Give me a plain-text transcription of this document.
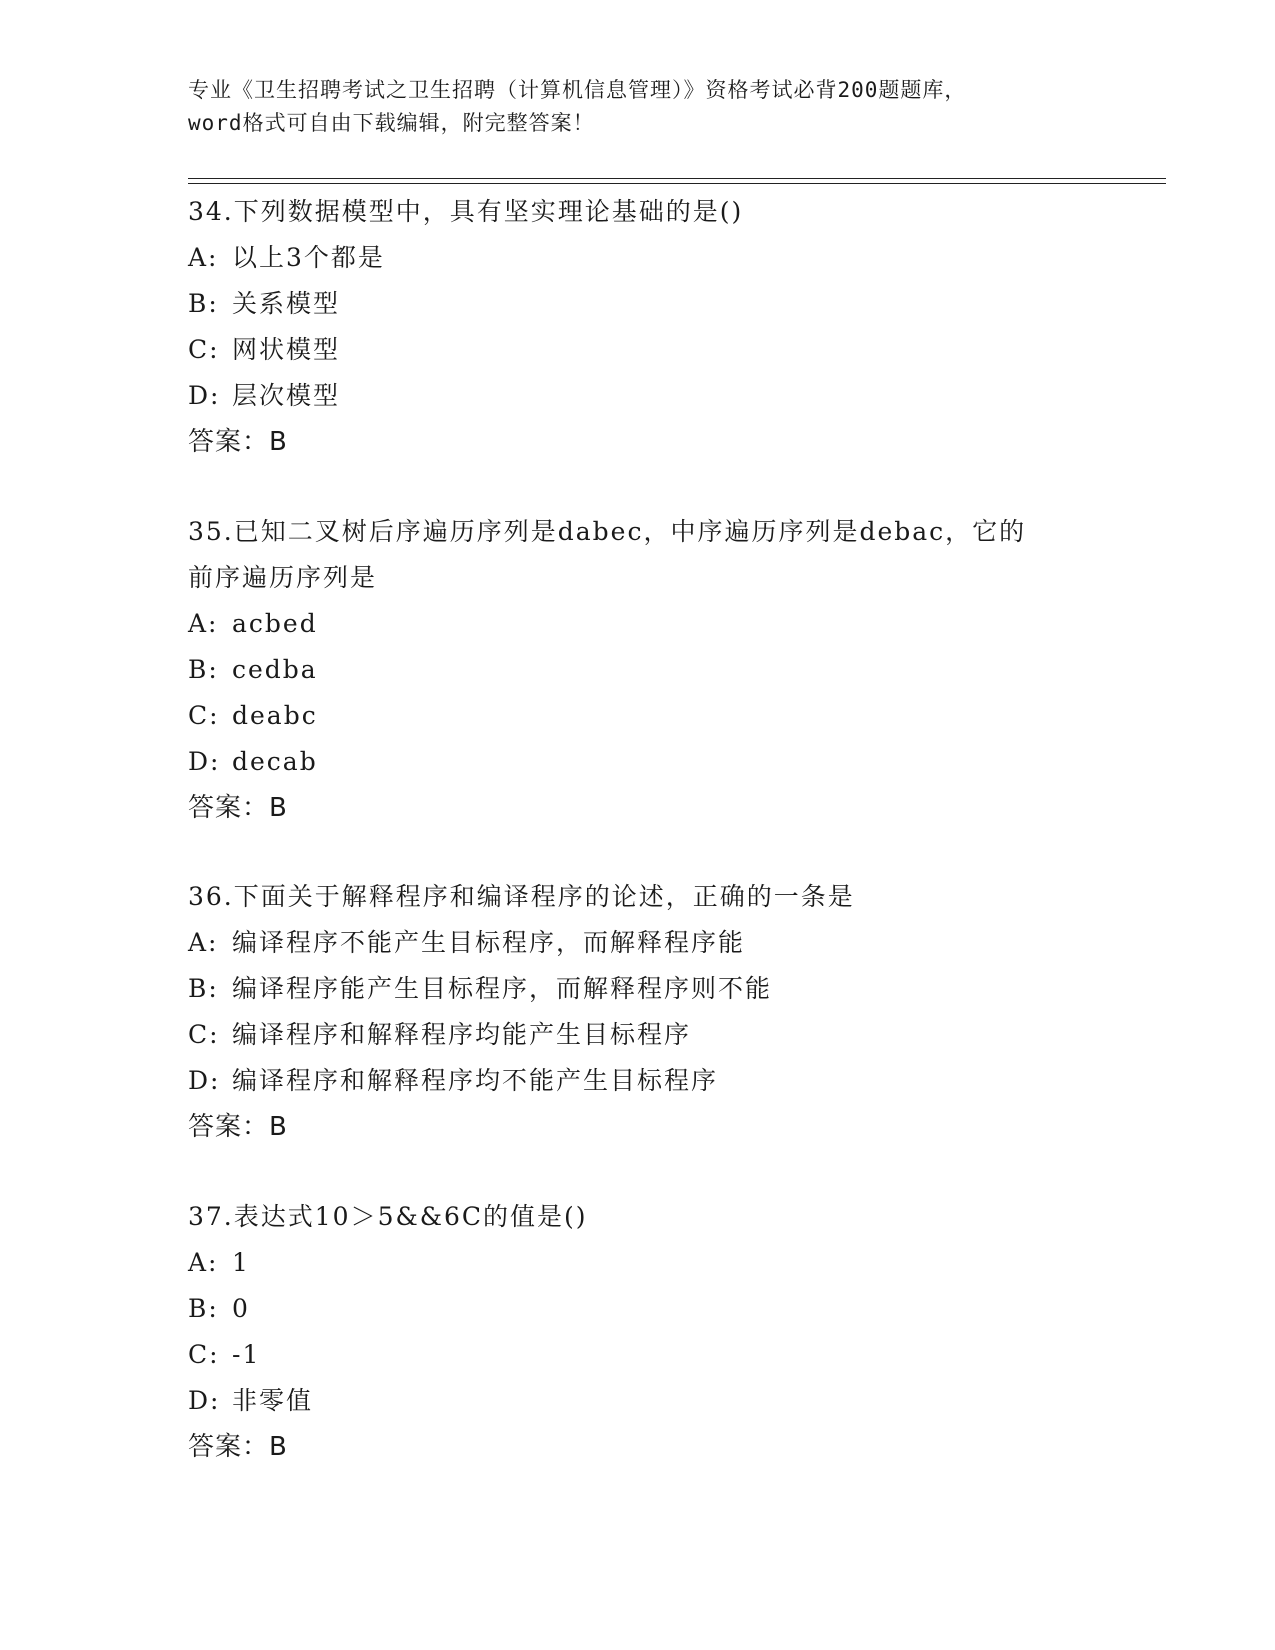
专业《卫生招聘考试之卫生招聘（计算机信息管理）》资格考试必背200题题库，
word格式可自由下载编辑，附完整答案！
34.下列数据模型中，具有坚实理论基础的是()
A: 以上3个都是
B: 关系模型
C: 网状模型
D: 层次模型
答案：B
35.已知二叉树后序遍历序列是dabec，中序遍历序列是debac，它的
前序遍历序列是
A: acbed
B: cedba
C: deabc
D: decab
答案：B
36.下面关于解释程序和编译程序的论述，正确的一条是
A: 编译程序不能产生目标程序，而解释程序能
B: 编译程序能产生目标程序，而解释程序则不能
C: 编译程序和解释程序均能产生目标程序
D: 编译程序和解释程序均不能产生目标程序
答案：B
37.表达式10＞5&&6C的值是()
A: 1
B: 0
C: -1
D: 非零值
答案：B
